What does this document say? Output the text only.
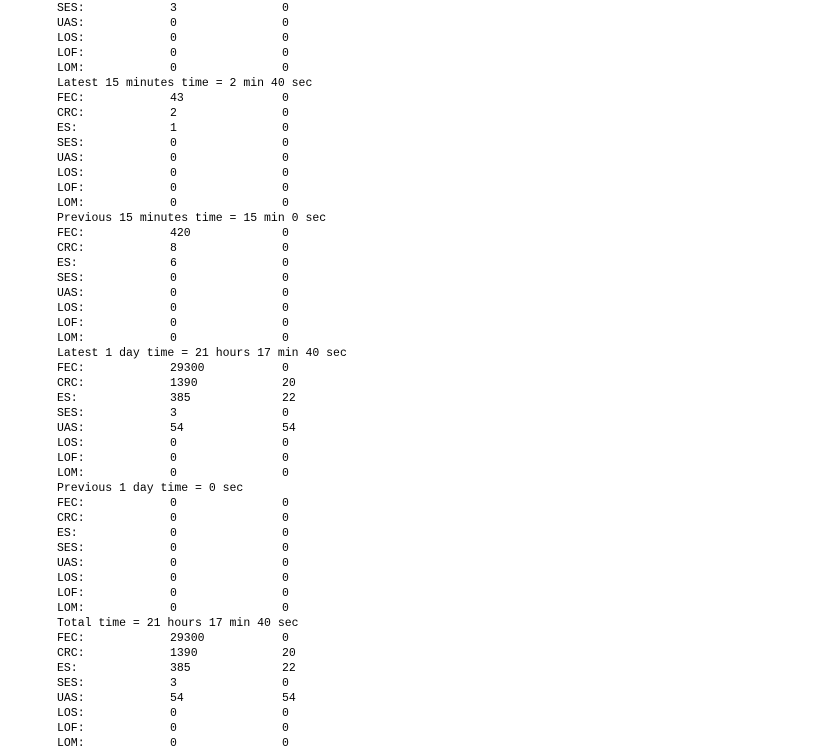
SES:	3	0
UAS:	0	0
LOS:	0	0
LOF:	0	0
LOM:	0	0
Latest 15 minutes time = 2 min 40 sec
FEC:	43	0
CRC:	2	0
ES:	1	0
SES:	0	0
UAS:	0	0
LOS:	0	0
LOF:	0	0
LOM:	0	0
Previous 15 minutes time = 15 min 0 sec
FEC:	420	0
CRC:	8	0
ES:	6	0
SES:	0	0
UAS:	0	0
LOS:	0	0
LOF:	0	0
LOM:	0	0
Latest 1 day time = 21 hours 17 min 40 sec
FEC:	29300	0
CRC:	1390	20
ES:	385	22
SES:	3	0
UAS:	54	54
LOS:	0	0
LOF:	0	0
LOM:	0	0
Previous 1 day time = 0 sec
FEC:	0	0
CRC:	0	0
ES:	0	0
SES:	0	0
UAS:	0	0
LOS:	0	0
LOF:	0	0
LOM:	0	0
Total time = 21 hours 17 min 40 sec
FEC:	29300	0
CRC:	1390	20
ES:	385	22
SES:	3	0
UAS:	54	54
LOS:	0	0
LOF:	0	0
LOM:	0	0
